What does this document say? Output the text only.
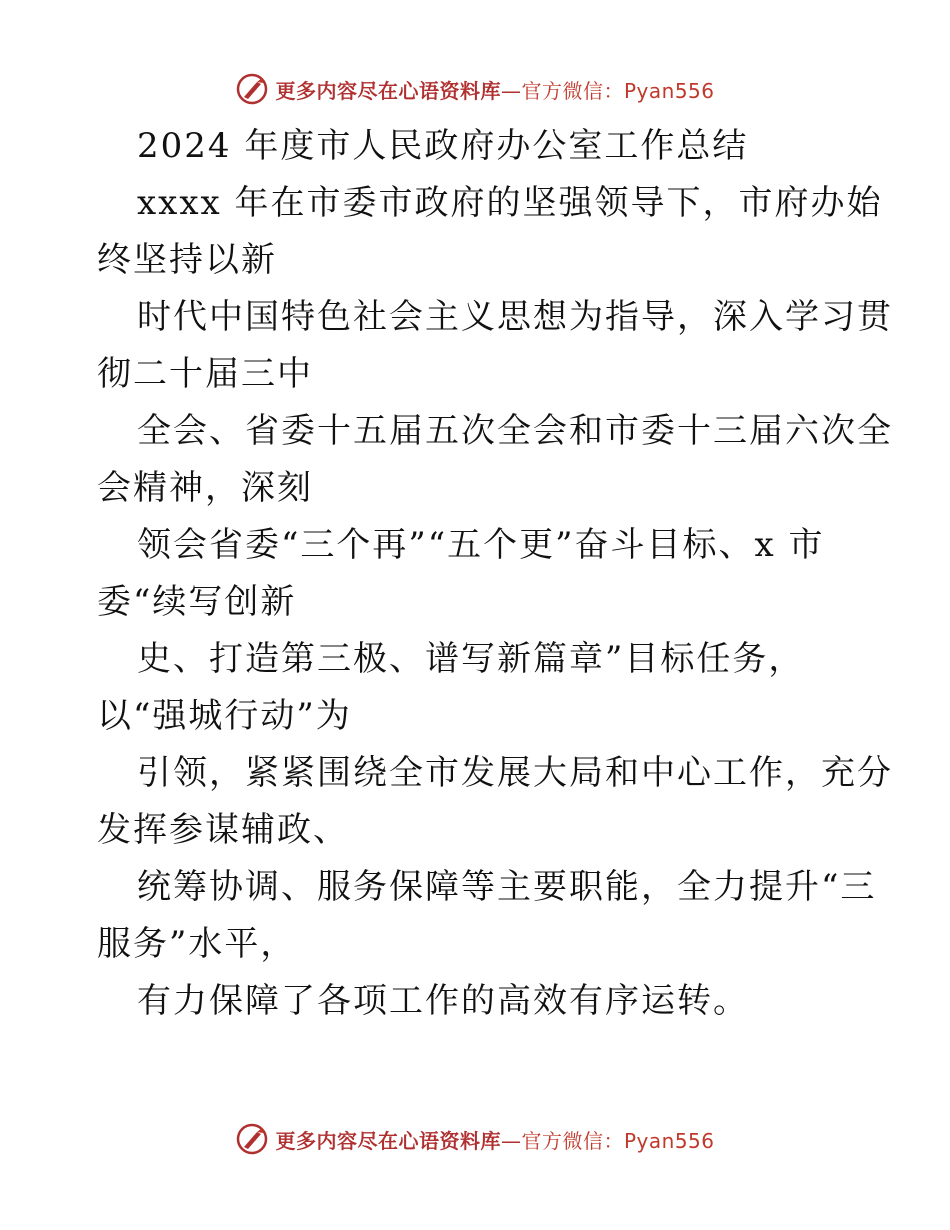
更多内容尽在心语资料库—官方微信：Pyan556
2024 年度市人民政府办公室工作总结
xxxx 年在市委市政府的坚强领导下，市府办始
终坚持以新
时代中国特色社会主义思想为指导，深入学习贯
彻二十届三中
全会、省委十五届五次全会和市委十三届六次全
会精神，深刻
领会省委“三个再”“五个更”奋斗目标、x 市
委“续写创新
史、打造第三极、谱写新篇章”目标任务，
以“强城行动”为
引领，紧紧围绕全市发展大局和中心工作，充分
发挥参谋辅政、
统筹协调、服务保障等主要职能，全力提升“三
服务”水平，
有力保障了各项工作的高效有序运转。
更多内容尽在心语资料库—官方微信：Pyan556
